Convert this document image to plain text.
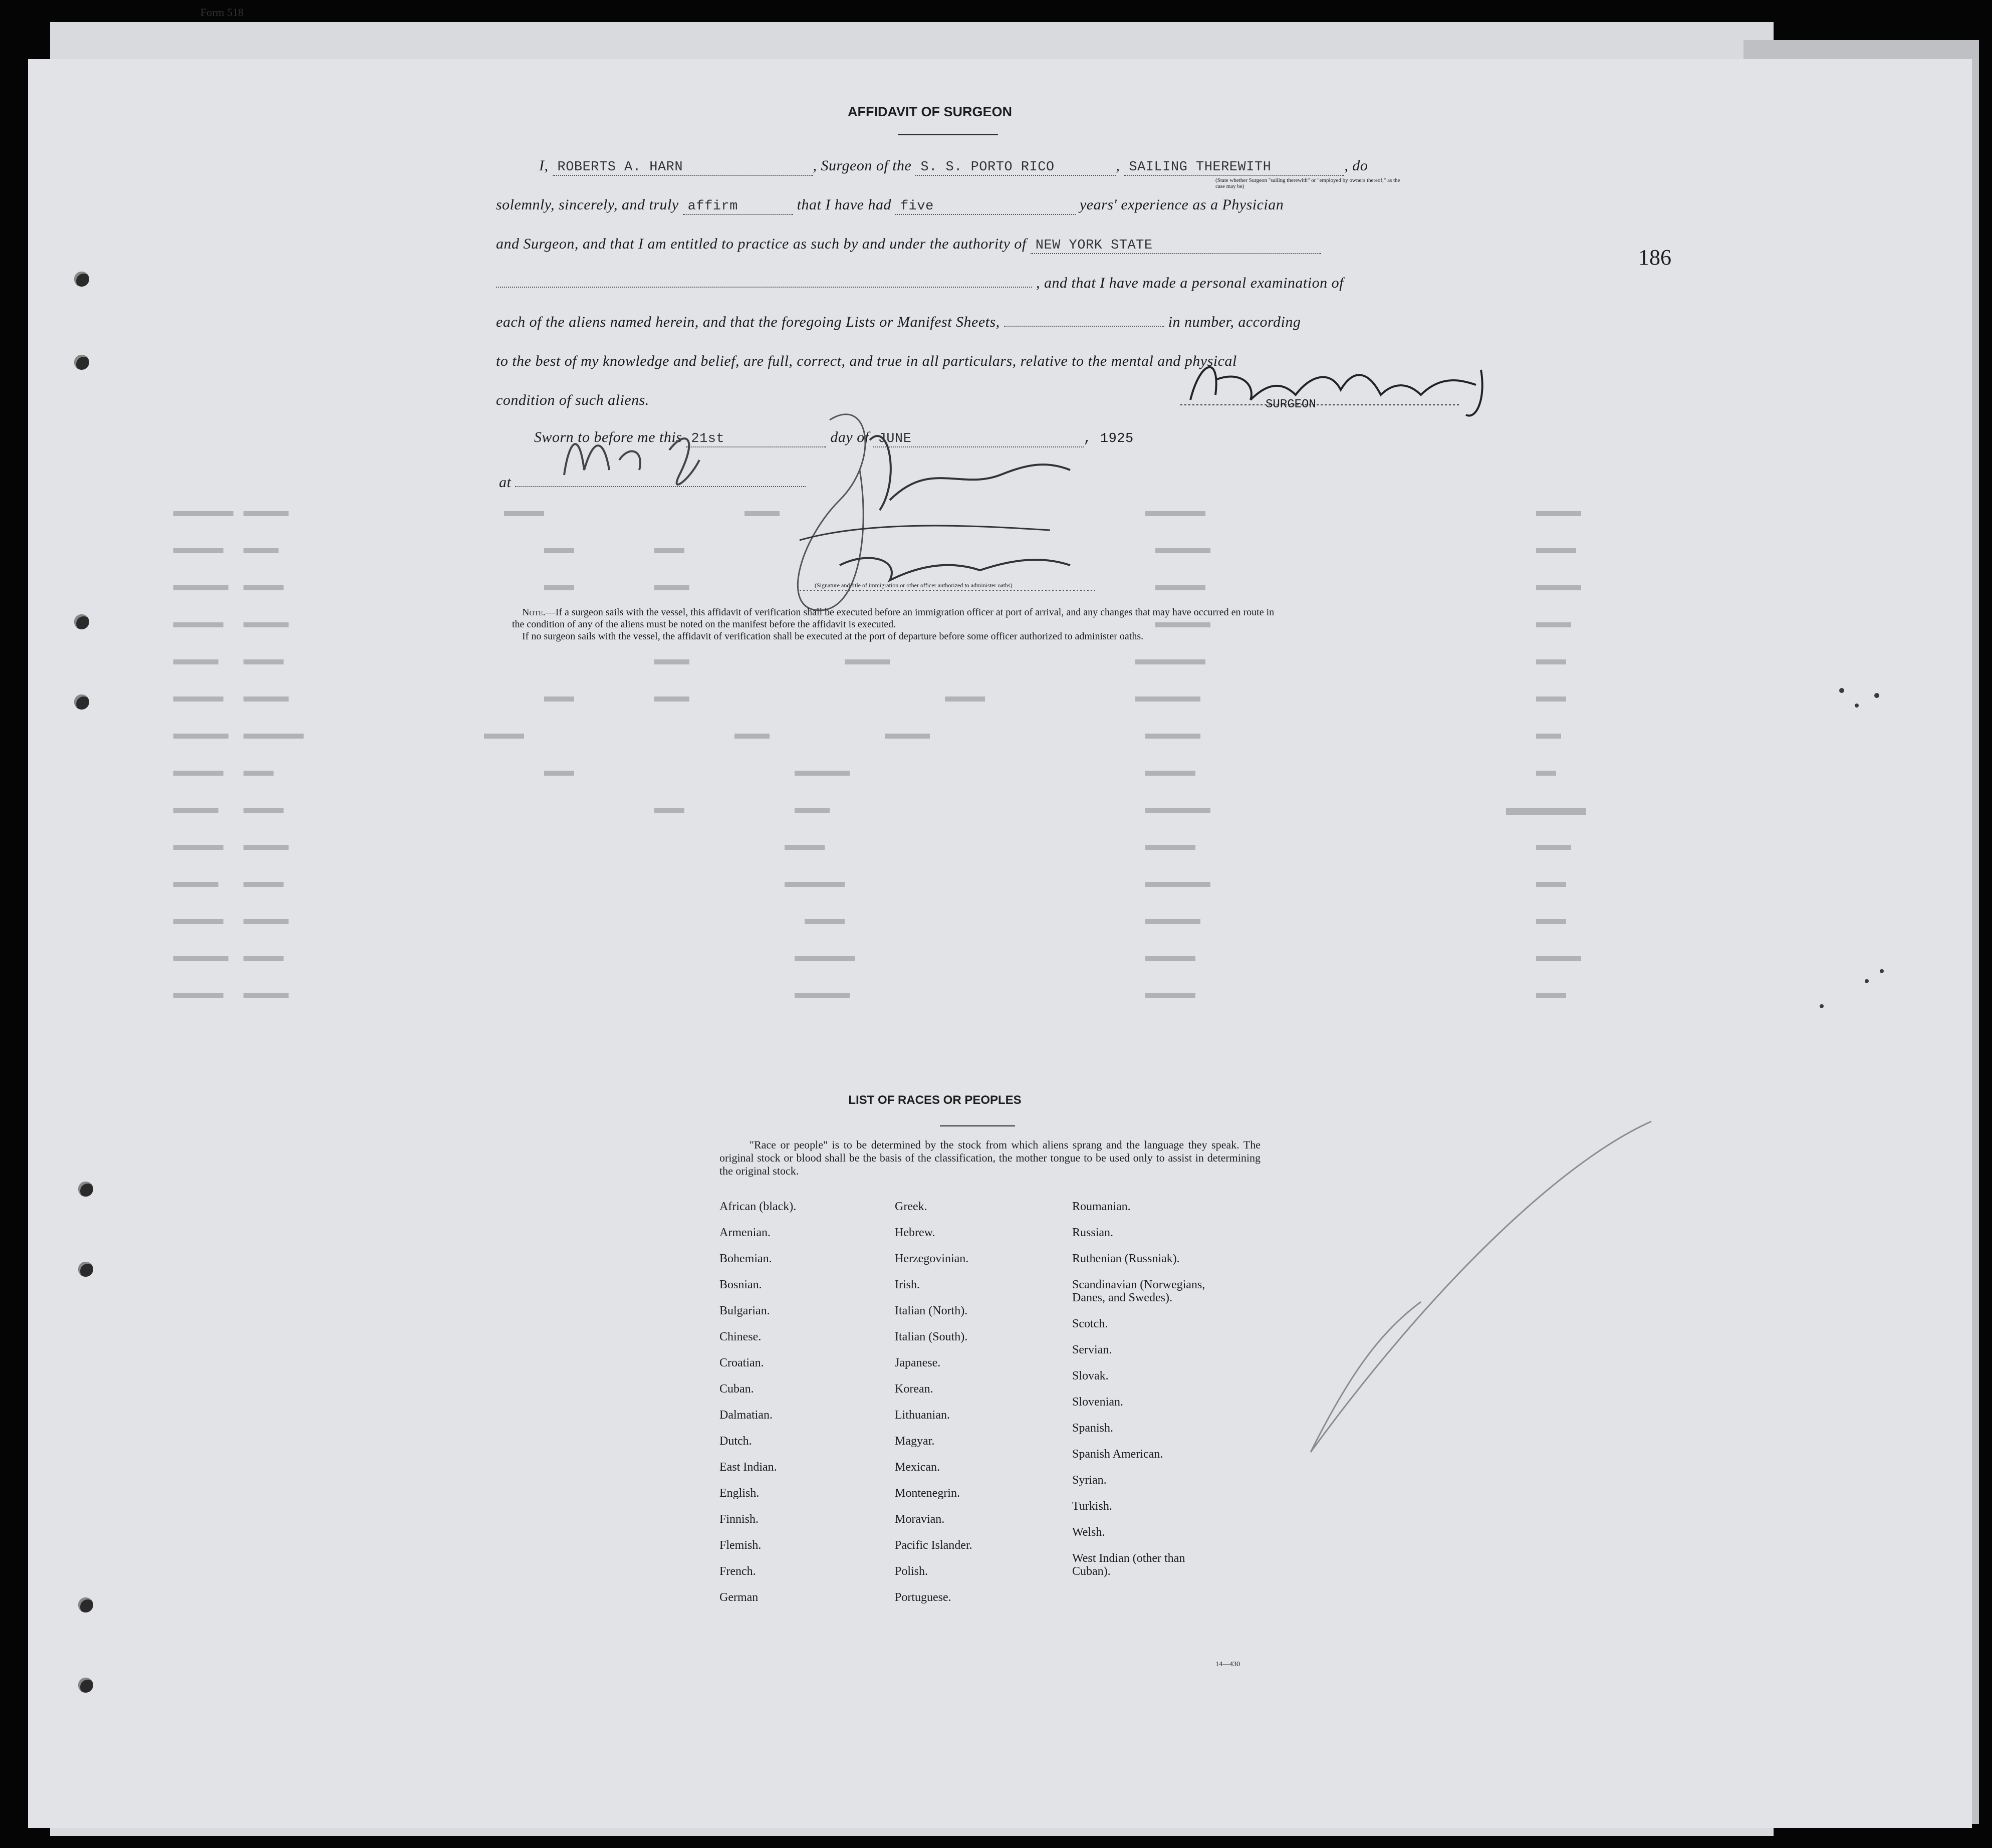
Form 518
186
AFFIDAVIT OF SURGEON
I, ROBERTS A. HARN	, Surgeon of the S. S. PORTO RICO	, SAILING THEREWITH	, do
(State whether Surgeon "sailing therewith" or "employed by owners thereof," as the case may be)
solemnly, sincerely, and truly affirm	that I have had five	years' experience as a Physician
and Surgeon, and that I am entitled to practice as such by and under the authority of NEW YORK STATE
, and that I have made a personal examination of
each of the aliens named herein, and that the foregoing Lists or Manifest Sheets,	in number, according
to the best of my knowledge and belief, are full, correct, and true in all particulars, relative to the mental and physical
condition of such aliens.	SURGEON
Sworn to before me this 21st	day of JUNE	, 1925
at
(Signature and title of immigration or other officer authorized to administer oaths)
Note.—If a surgeon sails with the vessel, this affidavit of verification shall be executed before an immigration officer at port of arrival, and any changes that may have occurred en route in
the condition of any of the aliens must be noted on the manifest before the affidavit is executed.
If no surgeon sails with the vessel, the affidavit of verification shall be executed at the port of departure before some officer authorized to administer oaths.
LIST OF RACES OR PEOPLES
"Race or people" is to be determined by the stock from which aliens sprang and the language they speak. The original stock or blood shall be the basis of the classification, the mother tongue to be used only to assist in determining the original stock.
African (black).
Armenian.
Bohemian.
Bosnian.
Bulgarian.
Chinese.
Croatian.
Cuban.
Dalmatian.
Dutch.
East Indian.
English.
Finnish.
Flemish.
French.
German
Greek.
Hebrew.
Herzegovinian.
Irish.
Italian (North).
Italian (South).
Japanese.
Korean.
Lithuanian.
Magyar.
Mexican.
Montenegrin.
Moravian.
Pacific Islander.
Polish.
Portuguese.
Roumanian.
Russian.
Ruthenian (Russniak).
Scandinavian (Norwegians, Danes, and Swedes).
Scotch.
Servian.
Slovak.
Slovenian.
Spanish.
Spanish American.
Syrian.
Turkish.
Welsh.
West Indian (other than Cuban).
14—430
